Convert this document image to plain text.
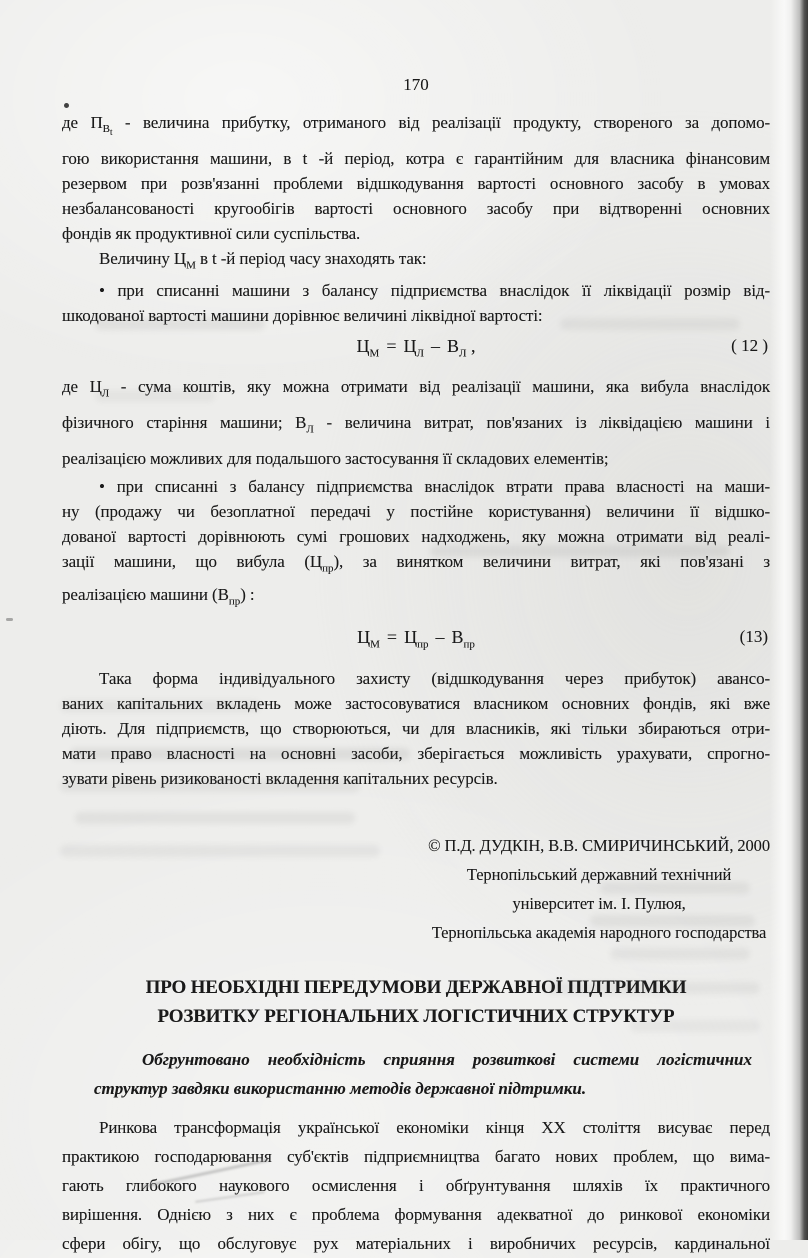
170
де $П_{В_t}$ - величина прибутку, отриманого від реалізації продукту, створеного за допомо-
гою використання машини, в t -й період, котра є гарантійним для власника фінансовим
резервом при розв'язанні проблеми відшкодування вартості основного засобу в умовах
незбалансованості кругообігів вартості основного засобу при відтворенні основних
фондів як продуктивної сили суспільства.
Величину $Ц_М$ в t -й період часу знаходять так:
• при списанні машини з балансу підприємства внаслідок її ліквідації розмір від-
шкодованої вартості машини дорівнює величині ліквідної вартості:
$Ц_М = Ц_Л - В_Л$ ,	( 12 )
де $Ц_Л$ - сума коштів, яку можна отримати від реалізації машини, яка вибула внаслідок
фізичного старіння машини; $В_Л$ - величина витрат, пов'язаних із ліквідацією машини і
реалізацією можливих для подальшого застосування її складових елементів;
• при списанні з балансу підприємства внаслідок втрати права власності на маши-
ну (продажу чи безоплатної передачі у постійне користування) величини її відшко-
дованої вартості дорівнюють сумі грошових надходжень, яку можна отримати від реалі-
зації машини, що вибула $(Ц_{пр})$, за винятком величини витрат, які пов'язані з
реалізацією машини $(В_{пр})$ :
$Ц_М = Ц_{пр} - В_{пр}$	(13)
Така форма індивідуального захисту (відшкодування через прибуток) авансо-
ваних капітальних вкладень може застосовуватися власником основних фондів, які вже
діють. Для підприємств, що створюються, чи для власників, які тільки збираються отри-
мати право власності на основні засоби, зберігається можливість урахувати, спрогно-
зувати рівень ризикованості вкладення капітальних ресурсів.
© П.Д. ДУДКІН, В.В. СМИРИЧИНСЬКИЙ, 2000
Тернопільський державний технічний
університет ім. І. Пулюя,
Тернопільська академія народного господарства
ПРО НЕОБХІДНІ ПЕРЕДУМОВИ ДЕРЖАВНОЇ ПІДТРИМКИ
РОЗВИТКУ РЕГІОНАЛЬНИХ ЛОГІСТИЧНИХ СТРУКТУР
Обгрунтовано необхідність сприяння розвиткові системи логістичних
структур завдяки використанню методів державної підтримки.
Ринкова трансформація української економіки кінця XX століття висуває перед
практикою господарювання суб'єктів підприємництва багато нових проблем, що вима-
гають глибокого наукового осмислення і обґрунтування шляхів їх практичного
вирішення. Однією з них є проблема формування адекватної до ринкової економіки
сфери обігу, що обслуговує рух матеріальних і виробничих ресурсів, кардинальної
